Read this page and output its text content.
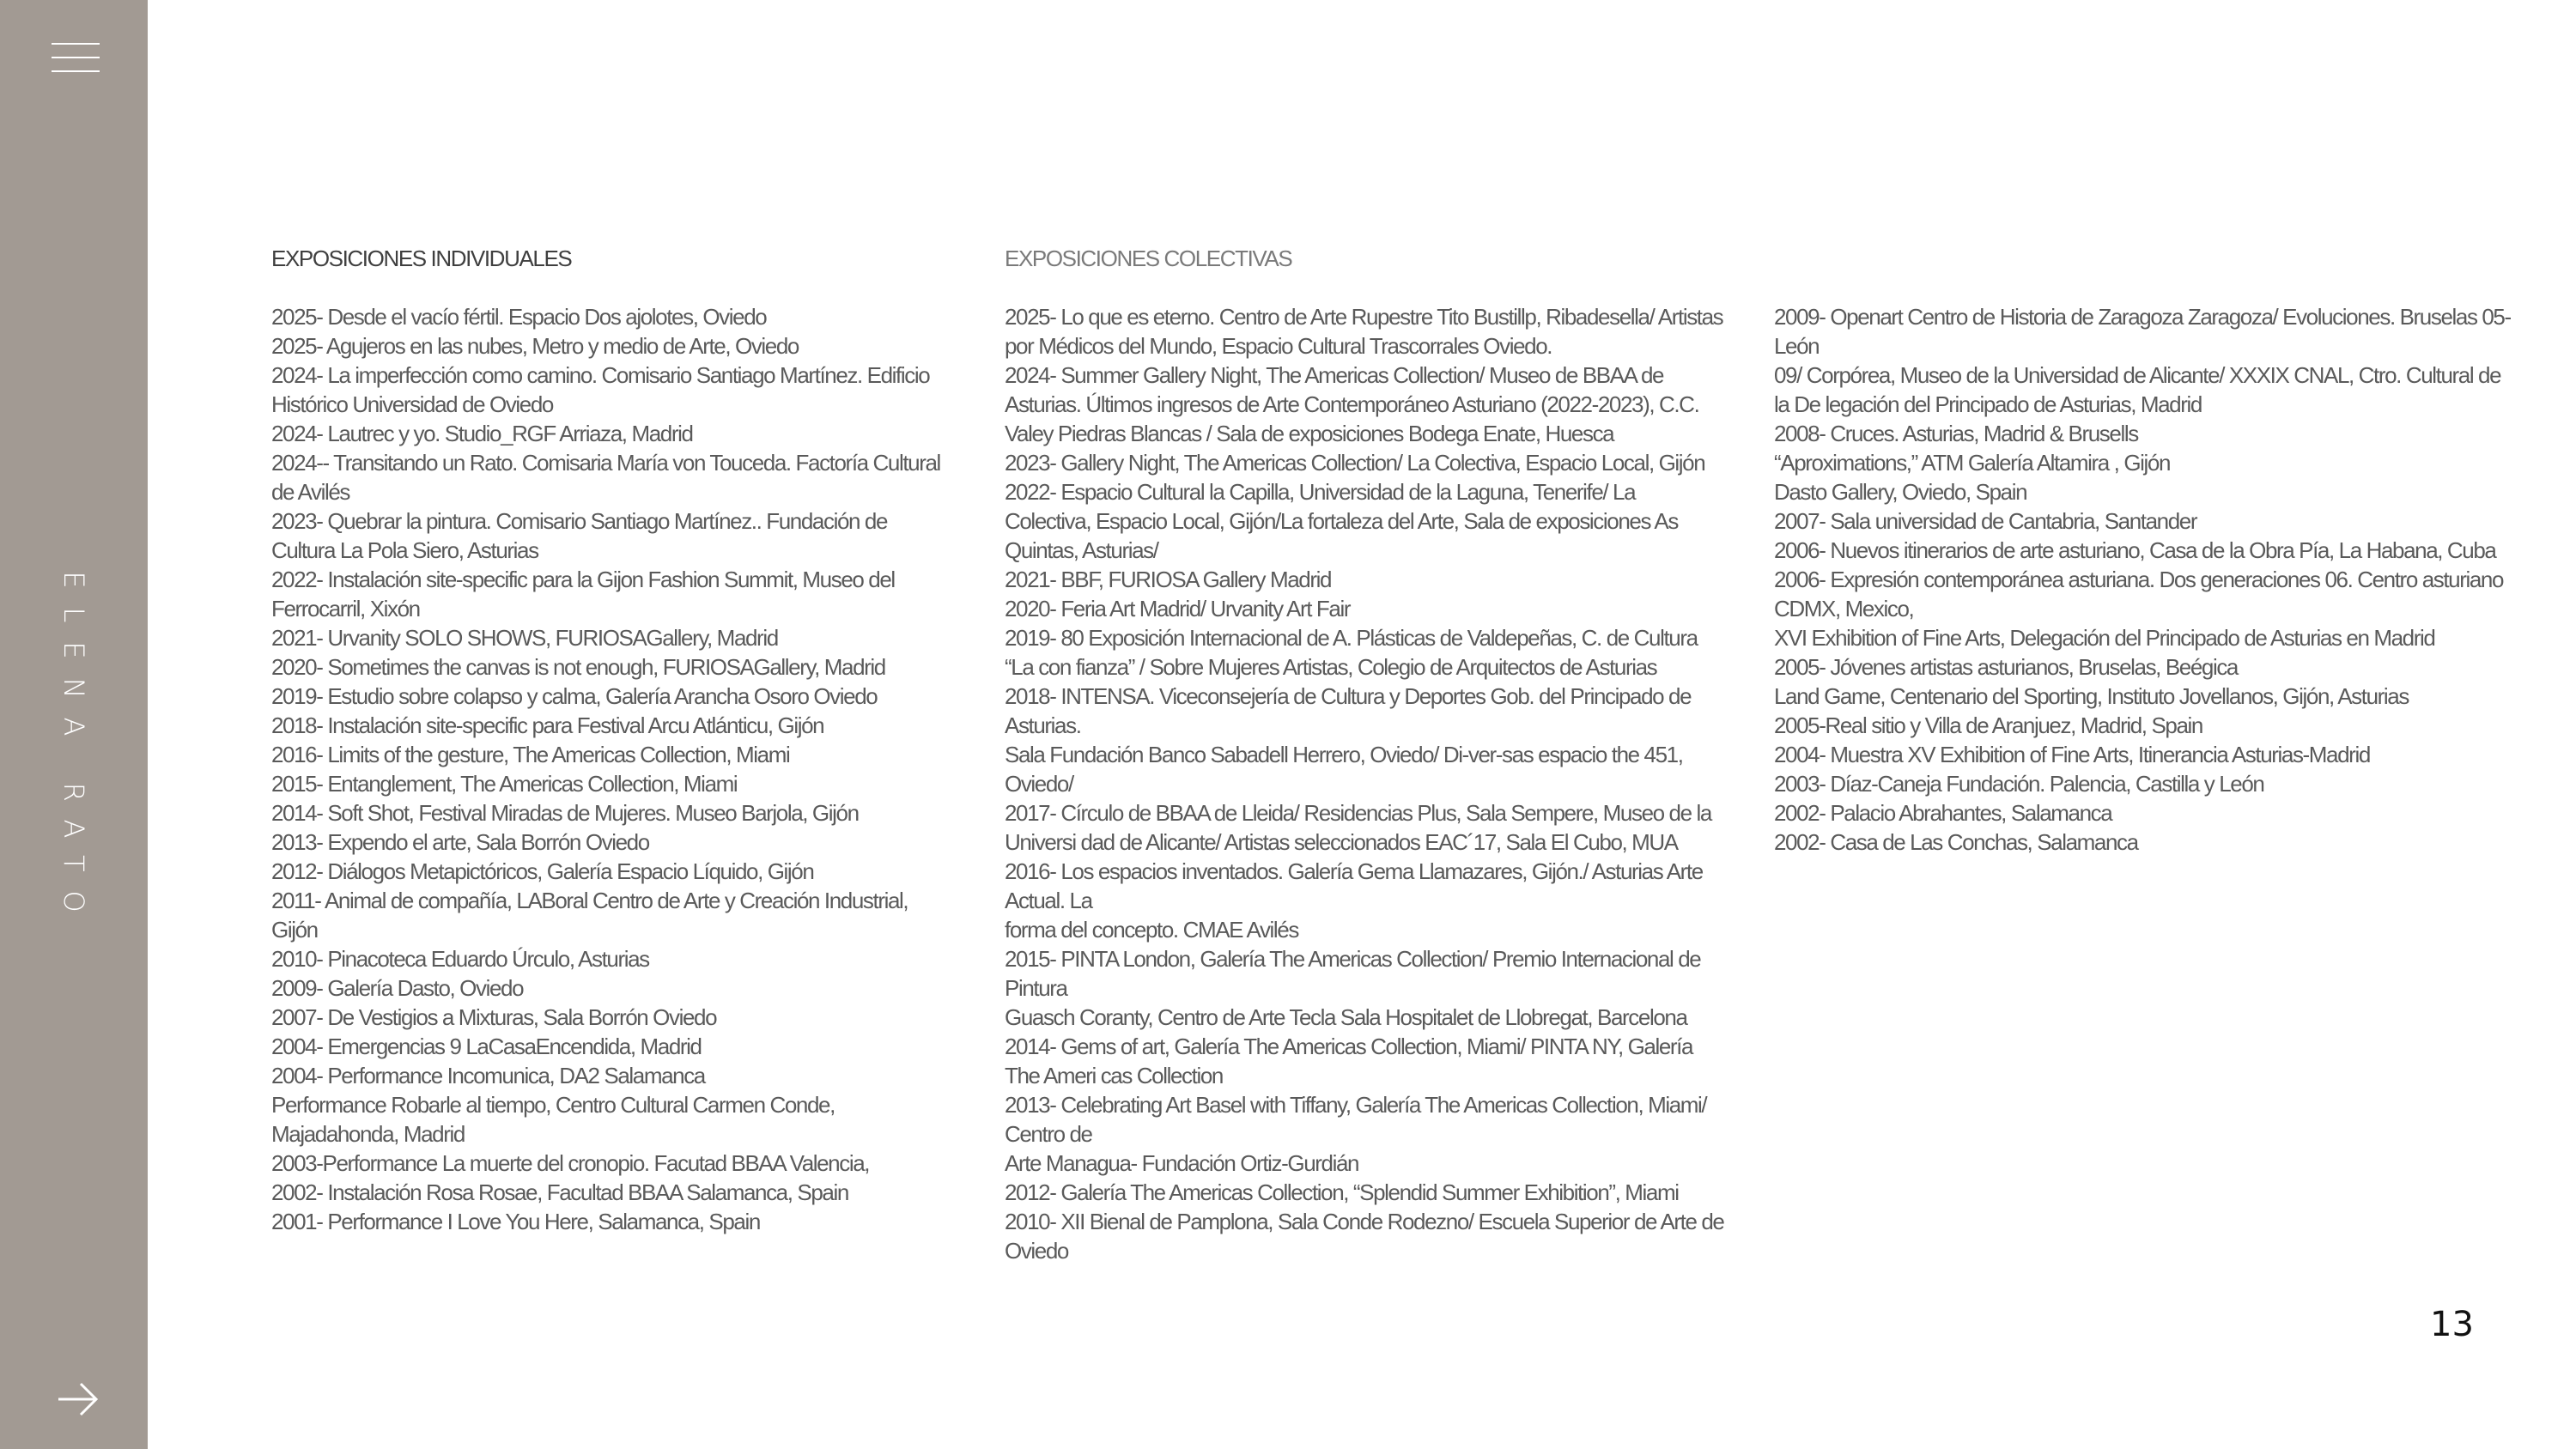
ELENA RATO
EXPOSICIONES INDIVIDUALES
2025- Desde el vacío fértil. Espacio Dos ajolotes, Oviedo
2025- Agujeros en las nubes, Metro y medio de Arte, Oviedo
2024- La imperfección como camino. Comisario Santiago Martínez. Edificio Histórico Universidad de Oviedo
2024- Lautrec y yo. Studio_RGF Arriaza, Madrid
2024-- Transitando un Rato. Comisaria María von Touceda. Factoría Cultural de Avilés
2023- Quebrar la pintura. Comisario Santiago Martínez.. Fundación de Cultura La Pola Siero, Asturias
2022- Instalación site-specific para la Gijon Fashion Summit, Museo del Ferrocarril, Xixón
2021- Urvanity SOLO SHOWS, FURIOSAGallery, Madrid
2020- Sometimes the canvas is not enough, FURIOSAGallery, Madrid
2019- Estudio sobre colapso y calma, Galería Arancha Osoro Oviedo
2018- Instalación site-specific para Festival Arcu Atlánticu, Gijón
2016- Limits of the gesture, The Americas Collection, Miami
2015- Entanglement, The Americas Collection, Miami
2014- Soft Shot, Festival Miradas de Mujeres. Museo Barjola, Gijón
2013- Expendo el arte, Sala Borrón Oviedo
2012- Diálogos Metapictóricos, Galería Espacio Líquido, Gijón
2011- Animal de compañía, LABoral Centro de Arte y Creación Industrial, Gijón
2010- Pinacoteca Eduardo Úrculo, Asturias
2009- Galería Dasto, Oviedo
2007- De Vestigios a Mixturas, Sala Borrón Oviedo
2004- Emergencias 9 LaCasaEncendida, Madrid
2004- Performance Incomunica, DA2 Salamanca
Performance Robarle al tiempo, Centro Cultural Carmen Conde, Majadahonda, Madrid
2003-Performance La muerte del cronopio. Facutad BBAA Valencia,
2002- Instalación Rosa Rosae, Facultad BBAA Salamanca, Spain
2001- Performance I Love You Here, Salamanca, Spain
EXPOSICIONES COLECTIVAS
2025- Lo que es eterno. Centro de Arte Rupestre Tito Bustillp, Ribadesella/ Artistas por Médicos del Mundo, Espacio Cultural Trascorrales Oviedo.
2024- Summer Gallery Night, The Americas Collection/ Museo de BBAA de Asturias. Últimos ingresos de Arte Contemporáneo Asturiano (2022-2023), C.C. Valey Piedras Blancas / Sala de exposiciones Bodega Enate, Huesca
2023- Gallery Night, The Americas Collection/ La Colectiva, Espacio Local, Gijón
2022- Espacio Cultural la Capilla, Universidad de la Laguna, Tenerife/ La Colectiva, Espacio Local, Gijón/La fortaleza del Arte, Sala de exposiciones As Quintas, Asturias/
2021- BBF, FURIOSA Gallery Madrid
2020- Feria Art Madrid/ Urvanity Art Fair
2019- 80 Exposición Internacional de A. Plásticas de Valdepeñas, C. de Cultura “La con fianza” / Sobre Mujeres Artistas, Colegio de Arquitectos de Asturias
2018- INTENSA. Viceconsejería de Cultura y Deportes Gob. del Principado de Asturias.
Sala Fundación Banco Sabadell Herrero, Oviedo/ Di-ver-sas espacio the 451, Oviedo/
2017- Círculo de BBAA de Lleida/ Residencias Plus, Sala Sempere, Museo de la Universi dad de Alicante/ Artistas seleccionados EAC´17, Sala El Cubo, MUA
2016- Los espacios inventados. Galería Gema Llamazares, Gijón./ Asturias Arte Actual. La
forma del concepto. CMAE Avilés
2015- PINTA London, Galería The Americas Collection/ Premio Internacional de Pintura
Guasch Coranty, Centro de Arte Tecla Sala Hospitalet de Llobregat, Barcelona
2014- Gems of art, Galería The Americas Collection, Miami/ PINTA NY, Galería The Ameri cas Collection
2013- Celebrating Art Basel with Tiffany, Galería The Americas Collection, Miami/ Centro de
Arte Managua- Fundación Ortiz-Gurdián
2012- Galería The Americas Collection, “Splendid Summer Exhibition”, Miami
2010- XII Bienal de Pamplona, Sala Conde Rodezno/ Escuela Superior de Arte de Oviedo
2009- Openart Centro de Historia de Zaragoza Zaragoza/ Evoluciones. Bruselas 05- León
09/ Corpórea, Museo de la Universidad de Alicante/ XXXIX CNAL, Ctro. Cultural de la De legación del Principado de Asturias, Madrid
2008- Cruces. Asturias, Madrid & Brusells
“Aproximations,” ATM Galería Altamira , Gijón
Dasto Gallery, Oviedo, Spain
2007- Sala universidad de Cantabria, Santander
2006- Nuevos itinerarios de arte asturiano, Casa de la Obra Pía, La Habana, Cuba
2006- Expresión contemporánea asturiana. Dos generaciones 06. Centro asturiano CDMX, Mexico,
XVI Exhibition of Fine Arts, Delegación del Principado de Asturias en Madrid
2005- Jóvenes artistas asturianos, Bruselas, Beégica
Land Game, Centenario del Sporting, Instituto Jovellanos, Gijón, Asturias
2005-Real sitio y Villa de Aranjuez, Madrid, Spain
2004- Muestra XV Exhibition of Fine Arts, Itinerancia Asturias-Madrid
2003- Díaz-Caneja Fundación. Palencia, Castilla y León
2002- Palacio Abrahantes, Salamanca
2002- Casa de Las Conchas, Salamanca
13
